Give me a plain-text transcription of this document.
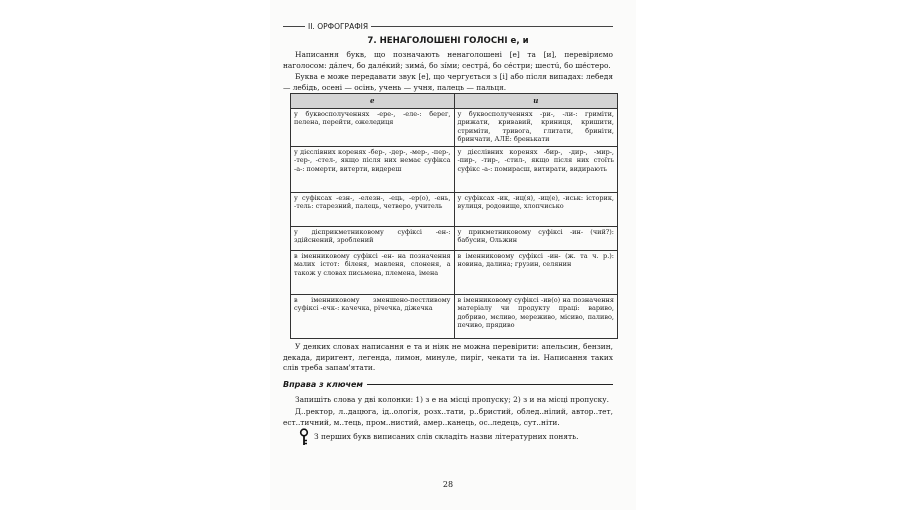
II. ОРФОГРАФІЯ
7. НЕНАГОЛОШЕНІ ГОЛОСНІ е, и

Написання букв, що позначають ненаголошені [е] та [и], перевіряємо наголосом: дáлеч, бо далéкий; зимá, бо зíми; сестрá, бо сéстри; шестú, бо шéстеро.

Буква е може передавати звук [е], що чергується з [і] або після випадах: лебедя — лебідь, осені — осінь, учень — учня, палець — пальця.

е	и
у буквосполученнях -ере-, -еле-: берег, пелена, перейти, ожеледиця	у буквосполученнях -ри-, -ли-: гриміти, дрижати, кривавий, криниця, кришити, стриміти, тривога, глитати, бриніти, бринчати, АЛЕ: бренькати
у дієслівних коренях -бер-, -дер-, -мер-, -пер-, -тер-, -стел-, якщо після них немає суфікса -а-: померти, витерти, видереш	у дієслівних коренях -бир-, -дир-, -мир-, -пир-, -тир-, -стил-, якщо після них стоїть суфікс -а-: помирасш, витирати, видирають
у суфіксах -езн-, -елезн-, -ець, -ер(о), -ень, -тель: старезний, палець, четверо, учитель	у суфіксах -ик, -иц(я), -иц(е), -иськ: історик, вулиця, родовище, хлопчисько
у дієприкметниковому суфіксі -ен-: здійснений, зроблений	у прикметниковому суфіксі -ин- (чий?): бабусин, Ольжин
в іменниковому суфіксі -ен- на позначення малих істот: біленя, мавленя, слоненя, а також у словах письмена, племена, імена	в іменниковому суфіксі -ин- (ж. та ч. р.): новина, далина; грузин, селянин
в іменниковому зменшено-пестливому суфіксі -ечк-: качечка, річечка, діжечка	в іменниковому суфіксі -ив(о) на позначення матеріалу чи продукту праці: вариво, добриво, мєливо, мереживо, місиво, паливо, печиво, прядиво

У деяких словах написання е та и ніяк не можна перевірити: апельсин, бензин, декада, диригент, легенда, лимон, минуле, пиріг, чекати та ін. Написання таких слів треба запам'ятати.

Вправа з ключем

Запишіть слова у дві колонки: 1) з е на місці пропуску; 2) з и на місці пропуску.

Д..ректор, л..дацюга, ід..ологія, розх..тати, р..бристий, облед..нілий, автор..тет, ест..тичний, м..тець, пром..нистий, амер..канець, ос..ледець, сут..ніти.

З перших букв виписаних слів складіть назви літературних понять.
28
